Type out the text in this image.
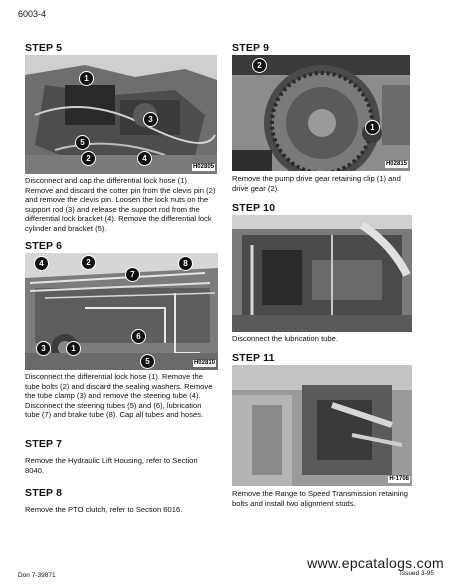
6003-4
STEP 5
1
3
5
2	4
H02805
Disconnect and cap the differential lock hose (1). Remove and discard the cotter pin from the clevis pin (2) and remove the clevis pin. Loosen the lock nuts on the support rod (3) and release the support rod from the differential lock bracket (4). Remove the differential lock cylinder and bracket (5).
STEP 6
4	2	8
7
6
3	1
5	H02810
Disconnect the differential lock hose (1). Remove the tube bolts (2) and discard the sealing washers. Remove the tube clamp (3) and remove the steering tube (4). Disconnect the steering tubes (5) and (6), lubrication tube (7) and brake tube (8). Cap all tubes and hoses.
STEP 7
Remove the Hydraulic Lift Housing, refer to Section 8040.
STEP 8
Remove the PTO clutch, refer to Section 6016.
STEP 9
2
1
H02815
Remove the pump drive gear retaining clip (1) and drive gear (2).
STEP 10
Disconnect the lubrication tube.
STEP 11
H-1708
Remove the Range to Speed Transmission retaining bolts and install two alignment studs.
Don 7-39871	Issued 3-95
www.epcatalogs.com
